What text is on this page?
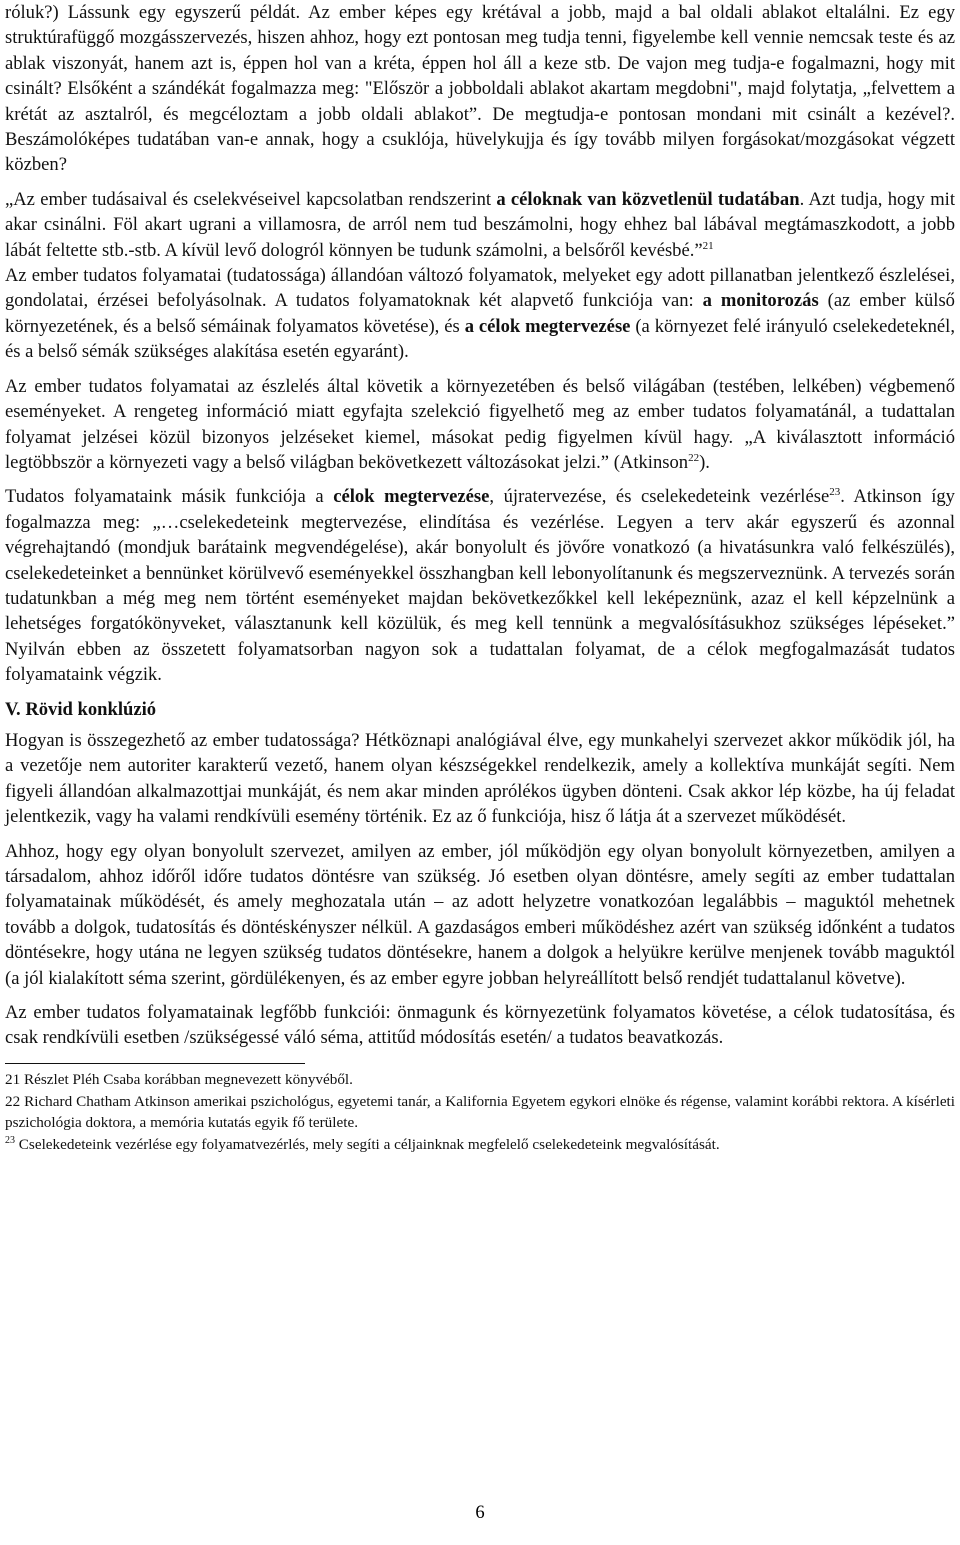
róluk?) Lássunk egy egyszerű példát. Az ember képes egy krétával a jobb, majd a bal oldali ablakot eltalálni. Ez egy struktúrafüggő mozgásszervezés, hiszen ahhoz, hogy ezt pontosan meg tudja tenni, figyelembe kell vennie nemcsak teste és az ablak viszonyát, hanem azt is, éppen hol van a kréta, éppen hol áll a keze stb. De vajon meg tudja-e fogalmazni, hogy mit csinált? Elsőként a szándékát fogalmazza meg: "Először a jobboldali ablakot akartam megdobni", majd folytatja, „felvettem a krétát az asztalról, és megcéloztam a jobb oldali ablakot”. De megtudja-e pontosan mondani mit csinált a kezével?. Beszámolóképes tudatában van-e annak, hogy a csuklója, hüvelykujja és így tovább milyen forgásokat/mozgásokat végzett közben?

„Az ember tudásaival és cselekvéseivel kapcsolatban rendszerint a céloknak van közvetlenül tudatában. Azt tudja, hogy mit akar csinálni. Föl akart ugrani a villamosra, de arról nem tud beszámolni, hogy ehhez bal lábával megtámaszkodott, a jobb lábát feltette stb.-stb. A kívül levő dologról könnyen be tudunk számolni, a belsőről kevésbé.”$^{21}$

Az ember tudatos folyamatai (tudatossága) állandóan változó folyamatok, melyeket egy adott pillanatban jelentkező észlelései, gondolatai, érzései befolyásolnak. A tudatos folyamatoknak két alapvető funkciója van: a monitorozás (az ember külső környezetének, és a belső sémáinak folyamatos követése), és a célok megtervezése (a környezet felé irányuló cselekedeteknél, és a belső sémák szükséges alakítása esetén egyaránt).

Az ember tudatos folyamatai az észlelés által követik a környezetében és belső világában (testében, lelkében) végbemenő eseményeket. A rengeteg információ miatt egyfajta szelekció figyelhető meg az ember tudatos folyamatánál, a tudattalan folyamat jelzései közül bizonyos jelzéseket kiemel, másokat pedig figyelmen kívül hagy. „A kiválasztott információ legtöbbször a környezeti vagy a belső világban bekövetkezett változásokat jelzi.” (Atkinson$^{22}$).

Tudatos folyamataink másik funkciója a célok megtervezése, újratervezése, és cselekedeteink vezérlése$^{23}$. Atkinson így fogalmazza meg: „…cselekedeteink megtervezése, elindítása és vezérlése. Legyen a terv akár egyszerű és azonnal végrehajtandó (mondjuk barátaink megvendégelése), akár bonyolult és jövőre vonatkozó (a hivatásunkra való felkészülés), cselekedeteinket a bennünket körülvevő eseményekkel összhangban kell lebonyolítanunk és megszerveznünk. A tervezés során tudatunkban a még meg nem történt eseményeket majdan bekövetkezőkkel kell leképeznünk, azaz el kell képzelnünk a lehetséges forgatókönyveket, választanunk kell közülük, és meg kell tennünk a megvalósításukhoz szükséges lépéseket.” Nyilván ebben az összetett folyamatsorban nagyon sok a tudattalan folyamat, de a célok megfogalmazását tudatos folyamataink végzik.

V. Rövid konklúzió

Hogyan is összegezhető az ember tudatossága? Hétköznapi analógiával élve, egy munkahelyi szervezet akkor működik jól, ha a vezetője nem autoriter karakterű vezető, hanem olyan készségekkel rendelkezik, amely a kollektíva munkáját segíti. Nem figyeli állandóan alkalmazottjai munkáját, és nem akar minden aprólékos ügyben dönteni. Csak akkor lép közbe, ha új feladat jelentkezik, vagy ha valami rendkívüli esemény történik. Ez az ő funkciója, hisz ő látja át a szervezet működését.

Ahhoz, hogy egy olyan bonyolult szervezet, amilyen az ember, jól működjön egy olyan bonyolult környezetben, amilyen a társadalom, ahhoz időről időre tudatos döntésre van szükség. Jó esetben olyan döntésre, amely segíti az ember tudattalan folyamatainak működését, és amely meghozatala után – az adott helyzetre vonatkozóan legalábbis – maguktól mehetnek tovább a dolgok, tudatosítás és döntéskényszer nélkül. A gazdaságos emberi működéshez azért van szükség időnként a tudatos döntésekre, hogy utána ne legyen szükség tudatos döntésekre, hanem a dolgok a helyükre kerülve menjenek tovább maguktól (a jól kialakított séma szerint, gördülékenyen, és az ember egyre jobban helyreállított belső rendjét tudattalanul követve).

Az ember tudatos folyamatainak legfőbb funkciói: önmagunk és környezetünk folyamatos követése, a célok tudatosítása, és csak rendkívüli esetben /szükségessé váló séma, attitűd módosítás esetén/ a tudatos beavatkozás.

21 Részlet Pléh Csaba korábban megnevezett könyvéből.

22 Richard Chatham Atkinson amerikai pszichológus, egyetemi tanár, a Kalifornia Egyetem egykori elnöke és régense, valamint korábbi rektora. A kísérleti pszichológia doktora, a memória kutatás egyik fő területe.

$^{23}$ Cselekedeteink vezérlése egy folyamatvezérlés, mely segíti a céljainknak megfelelő cselekedeteink megvalósítását.

6
